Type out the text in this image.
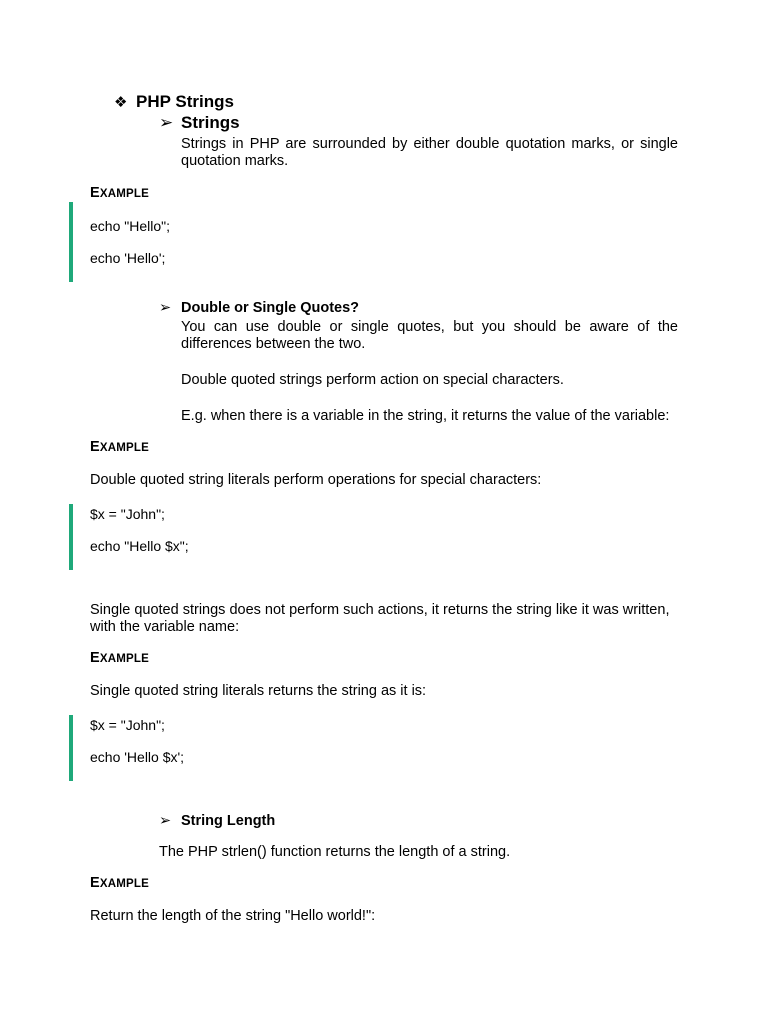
❖ PHP Strings
➢ Strings
Strings in PHP are surrounded by either double quotation marks, or single quotation marks.
EXAMPLE
echo "Hello";
echo 'Hello';
➢ Double or Single Quotes?
You can use double or single quotes, but you should be aware of the differences between the two.
Double quoted strings perform action on special characters.
E.g. when there is a variable in the string, it returns the value of the variable:
EXAMPLE
Double quoted string literals perform operations for special characters:
$x = "John";
echo "Hello $x";
Single quoted strings does not perform such actions, it returns the string like it was written, with the variable name:
EXAMPLE
Single quoted string literals returns the string as it is:
$x = "John";
echo 'Hello $x';
➢ String Length
The PHP strlen() function returns the length of a string.
EXAMPLE
Return the length of the string "Hello world!":
